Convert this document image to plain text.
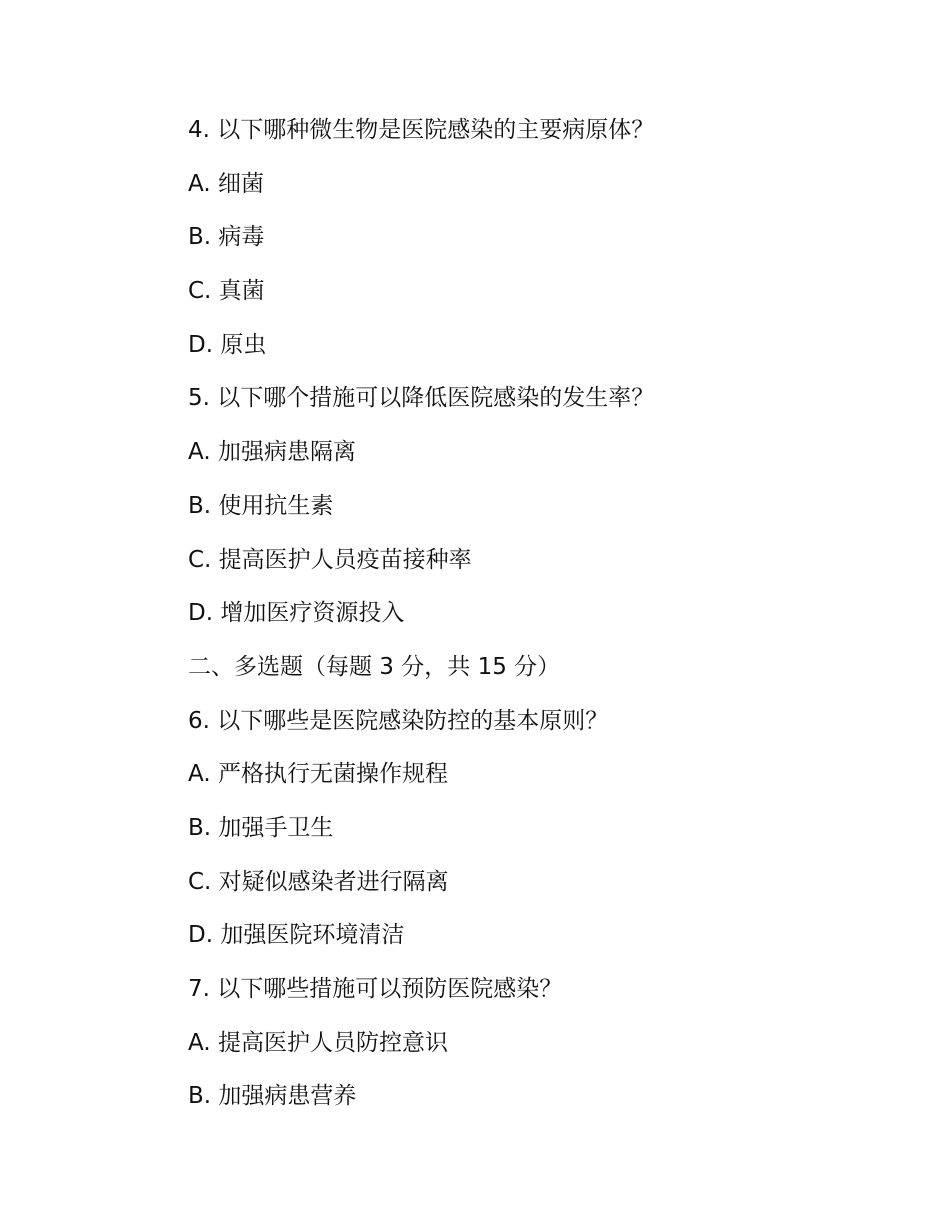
4. 以下哪种微生物是医院感染的主要病原体？
A. 细菌
B. 病毒
C. 真菌
D. 原虫
5. 以下哪个措施可以降低医院感染的发生率？
A. 加强病患隔离
B. 使用抗生素
C. 提高医护人员疫苗接种率
D. 增加医疗资源投入
二、多选题（每题 3 分，共 15 分）
6. 以下哪些是医院感染防控的基本原则？
A. 严格执行无菌操作规程
B. 加强手卫生
C. 对疑似感染者进行隔离
D. 加强医院环境清洁
7. 以下哪些措施可以预防医院感染？
A. 提高医护人员防控意识
B. 加强病患营养
